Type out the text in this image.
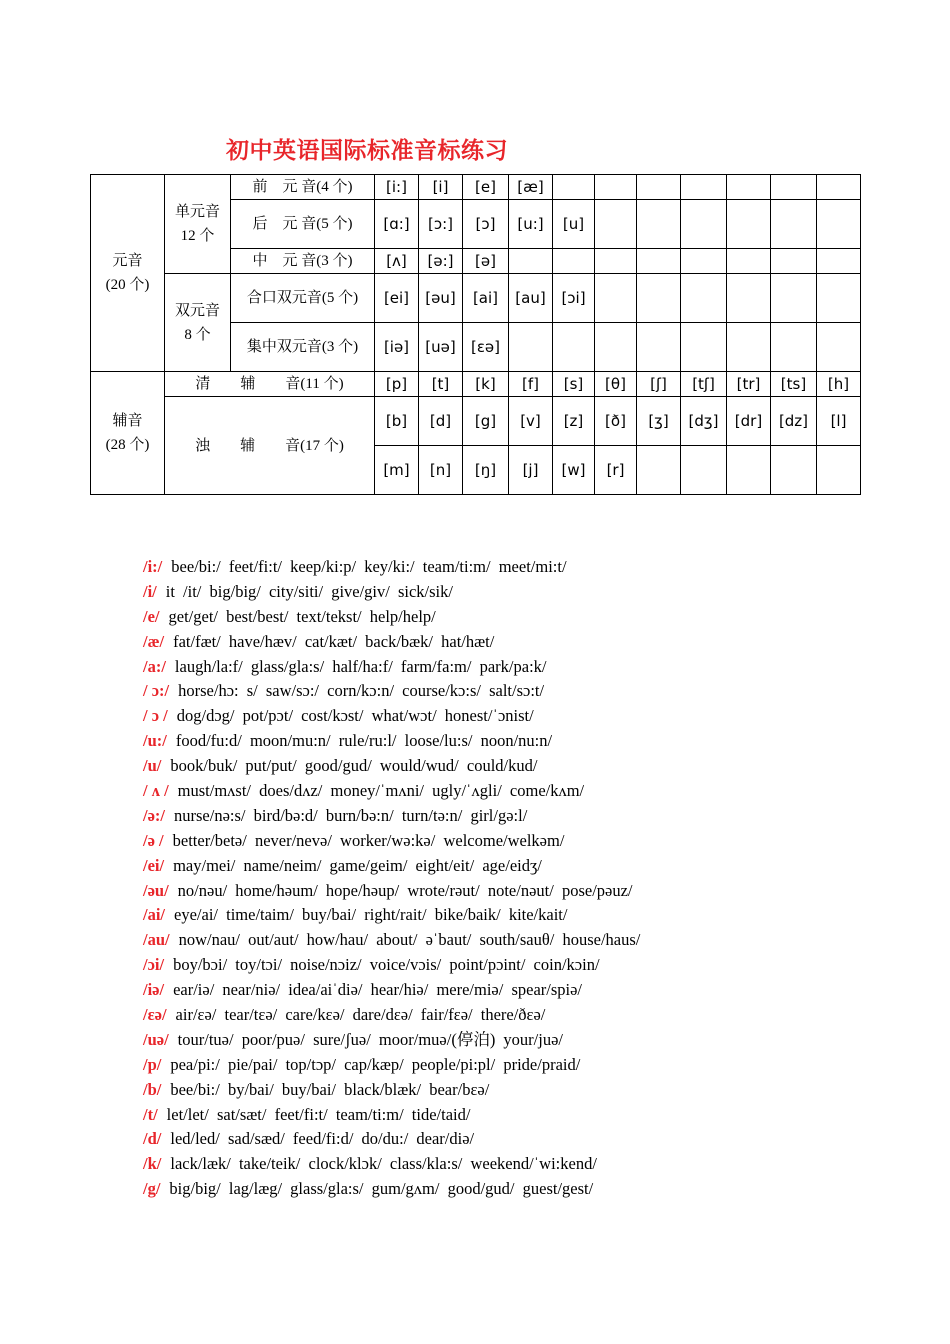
初中英语国际标准音标练习
元音
(20 个)	单元音
12 个	前　元 音(4 个)	[i:]	[i]	[e]	[æ]							
		后　元 音(5 个)	[ɑ:]	[ɔ:]	[ɔ]	[u:]	[u]						
		中　元 音(3 个)	[ʌ]	[ə:]	[ə]								
	双元音
8 个	合口双元音(5 个)	[ei]	[əu]	[ai]	[au]	[ɔi]						
		集中双元音(3 个)	[iə]	[uə]	[εə]								
辅音
(28 个)	清　　辅　　音(11 个)		[p]	[t]	[k]	[f]	[s]	[θ]	[ʃ]	[tʃ]	[tr]	[ts]	[h]
	浊　　辅　　音(17 个)		[b]	[d]	[g]	[v]	[z]	[ð]	[ʒ]	[dʒ]	[dr]	[dz]	[l]
			[m]	[n]	[ŋ]	[j]	[w]	[r]					
/i:/ bee/bi:/ feet/fi:t/ keep/ki:p/ key/ki:/ team/ti:m/ meet/mi:t/
/i/ it /it/ big/big/ city/siti/ give/giv/ sick/sik/
/e/ get/get/ best/best/ text/tekst/ help/help/
/æ/ fat/fæt/ have/hæv/ cat/kæt/ back/bæk/ hat/hæt/
/a:/ laugh/la:f/ glass/gla:s/ half/ha:f/ farm/fa:m/ park/pa:k/
/ ɔ:/ horse/hɔ: s/ saw/sɔ:/ corn/kɔ:n/ course/kɔ:s/ salt/sɔ:t/
/ ɔ / dog/dɔg/ pot/pɔt/ cost/kɔst/ what/wɔt/ honest/ˈɔnist/
/u:/ food/fu:d/ moon/mu:n/ rule/ru:l/ loose/lu:s/ noon/nu:n/
/u/ book/buk/ put/put/ good/gud/ would/wud/ could/kud/
/ ʌ / must/mʌst/ does/dʌz/ money/ˈmʌni/ ugly/ˈʌgli/ come/kʌm/
/ə:/ nurse/nə:s/ bird/bə:d/ burn/bə:n/ turn/tə:n/ girl/gə:l/
/ə / better/betə/ never/nevə/ worker/wə:kə/ welcome/welkəm/
/ei/ may/mei/ name/neim/ game/geim/ eight/eit/ age/eidʒ/
/əu/ no/nəu/ home/həum/ hope/həup/ wrote/rəut/ note/nəut/ pose/pəuz/
/ai/ eye/ai/ time/taim/ buy/bai/ right/rait/ bike/baik/ kite/kait/
/au/ now/nau/ out/aut/ how/hau/ about/ əˈbaut/ south/sauθ/ house/haus/
/ɔi/ boy/bɔi/ toy/tɔi/ noise/nɔiz/ voice/vɔis/ point/pɔint/ coin/kɔin/
/iə/ ear/iə/ near/niə/ idea/aiˈdiə/ hear/hiə/ mere/miə/ spear/spiə/
/εə/ air/εə/ tear/tεə/ care/kεə/ dare/dεə/ fair/fεə/ there/ðεə/
/uə/ tour/tuə/ poor/puə/ sure/ʃuə/ moor/muə/(停泊) your/juə/
/p/ pea/pi:/ pie/pai/ top/tɔp/ cap/kæp/ people/pi:pl/ pride/praid/
/b/ bee/bi:/ by/bai/ buy/bai/ black/blæk/ bear/bεə/
/t/ let/let/ sat/sæt/ feet/fi:t/ team/ti:m/ tide/taid/
/d/ led/led/ sad/sæd/ feed/fi:d/ do/du:/ dear/diə/
/k/ lack/læk/ take/teik/ clock/klɔk/ class/kla:s/ weekend/ˈwi:kend/
/g/ big/big/ lag/læg/ glass/gla:s/ gum/gʌm/ good/gud/ guest/gest/
